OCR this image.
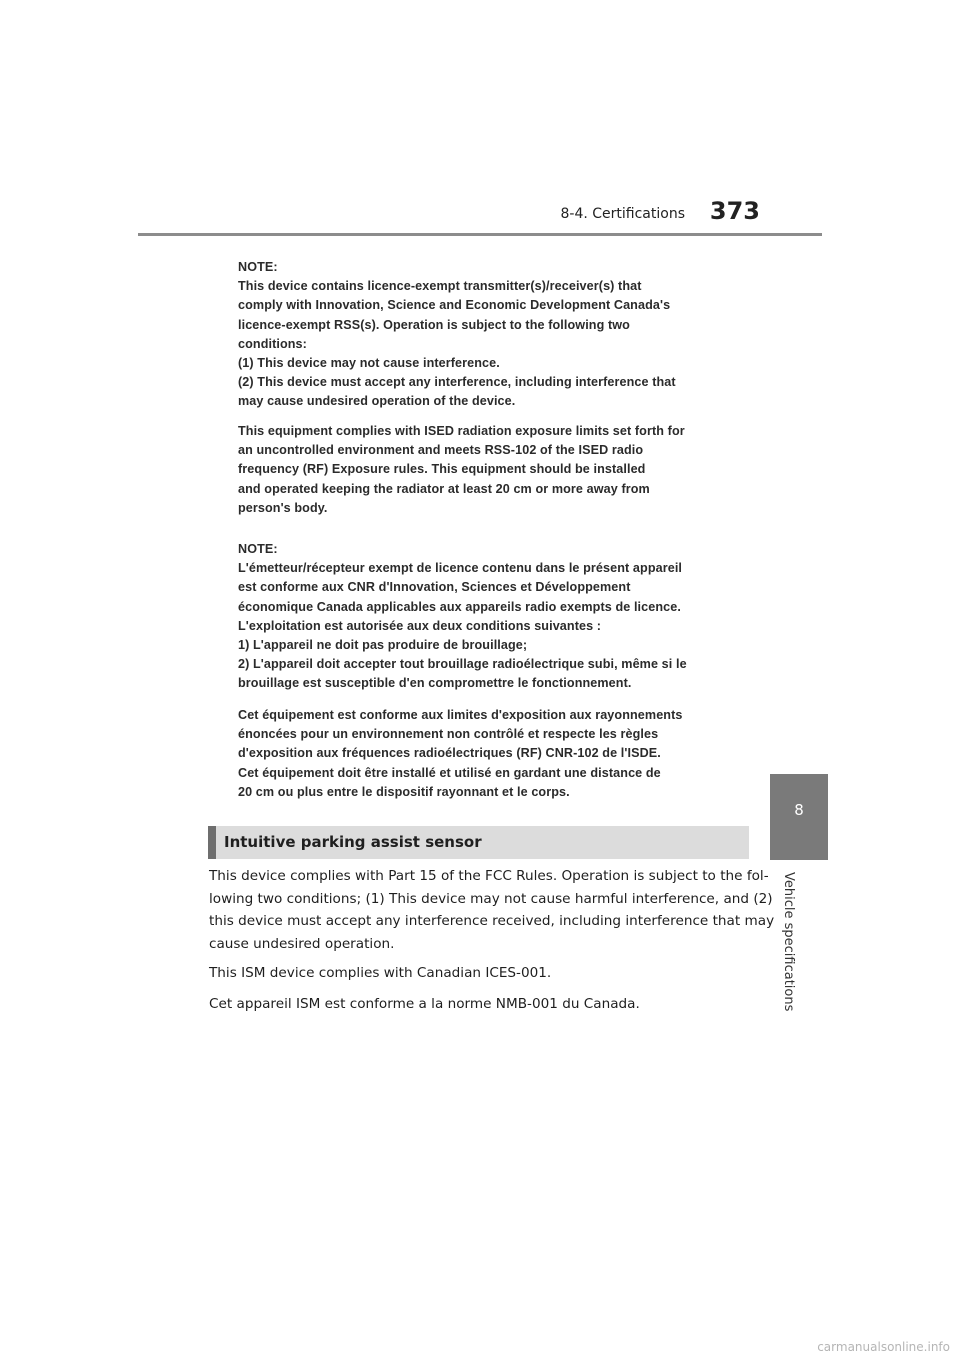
8-4. Certifications 373
8
Vehicle specifications
NOTE:
This device contains licence-exempt transmitter(s)/receiver(s) that
comply with Innovation, Science and Economic Development Canada's
licence-exempt RSS(s). Operation is subject to the following two
conditions:
(1) This device may not cause interference.
(2) This device must accept any interference, including interference that
may cause undesired operation of the device.
This equipment complies with ISED radiation exposure limits set forth for
an uncontrolled environment and meets RSS-102 of the ISED radio
frequency (RF) Exposure rules. This equipment should be installed
and operated keeping the radiator at least 20 cm or more away from
person's body.
NOTE:
L'émetteur/récepteur exempt de licence contenu dans le présent appareil
est conforme aux CNR d'Innovation, Sciences et Développement
économique Canada applicables aux appareils radio exempts de licence.
L'exploitation est autorisée aux deux conditions suivantes :
1) L'appareil ne doit pas produire de brouillage;
2) L'appareil doit accepter tout brouillage radioélectrique subi, même si le
brouillage est susceptible d'en compromettre le fonctionnement.
Cet équipement est conforme aux limites d'exposition aux rayonnements
énoncées pour un environnement non contrôlé et respecte les règles
d'exposition aux fréquences radioélectriques (RF) CNR-102 de l'ISDE.
Cet équipement doit être installé et utilisé en gardant une distance de
20 cm ou plus entre le dispositif rayonnant et le corps.
Intuitive parking assist sensor
This device complies with Part 15 of the FCC Rules. Operation is subject to the fol-
lowing two conditions; (1) This device may not cause harmful interference, and (2)
this device must accept any interference received, including interference that may
cause undesired operation.
This ISM device complies with Canadian ICES-001.
Cet appareil ISM est conforme a la norme NMB-001 du Canada.
carmanualsonline.info
